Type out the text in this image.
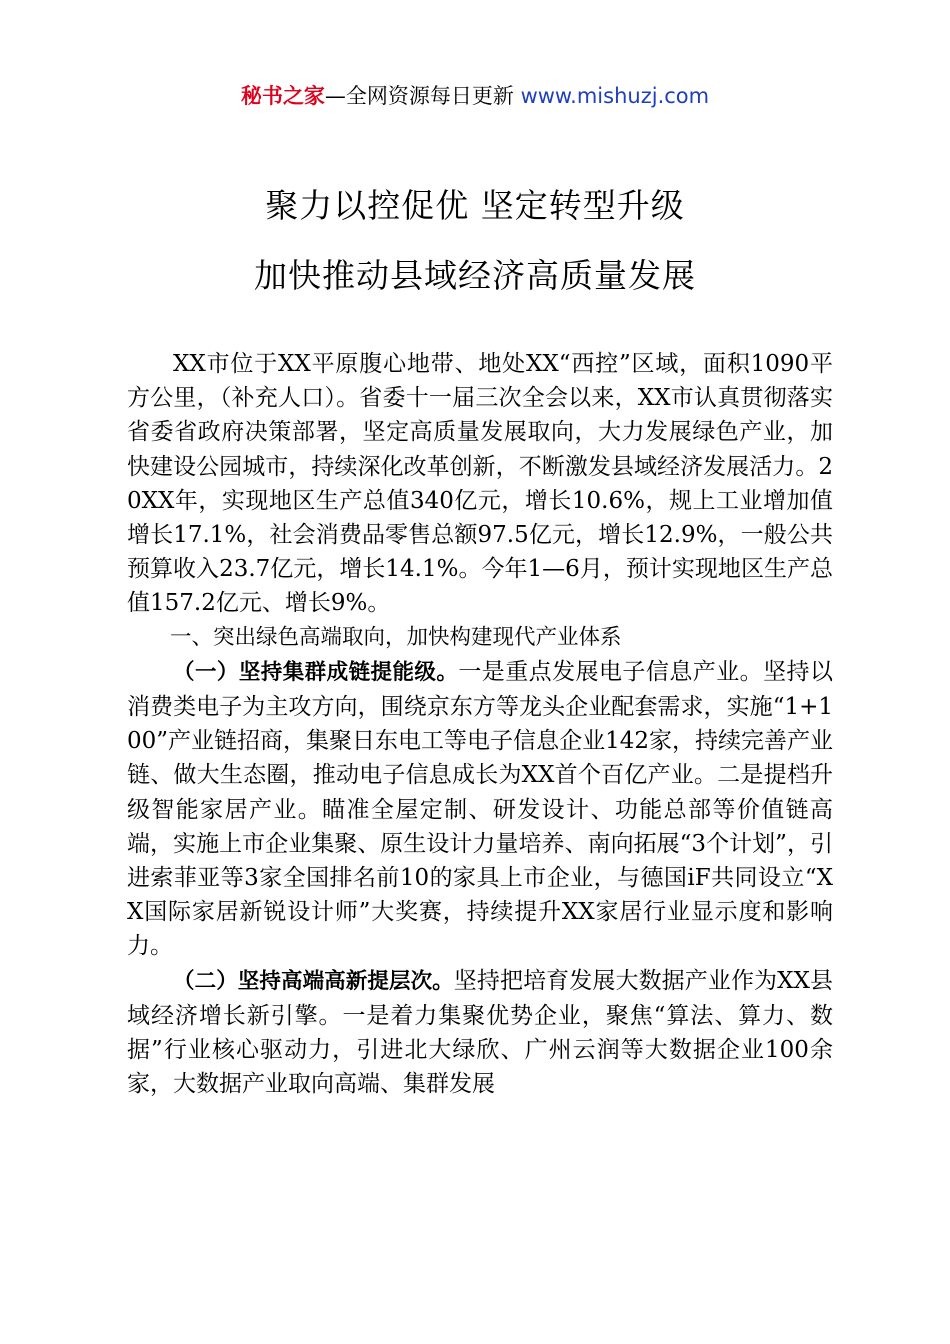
秘书之家—全网资源每日更新 www.mishuzj.com
聚力以控促优 坚定转型升级
加快推动县域经济高质量发展

XX市位于XX平原腹心地带、地处XX“西控”区域，面积1090平方公里，（补充人口）。省委十一届三次全会以来，XX市认真贯彻落实省委省政府决策部署，坚定高质量发展取向，大力发展绿色产业，加快建设公园城市，持续深化改革创新，不断激发县域经济发展活力。20XX年，实现地区生产总值340亿元，增长10.6%，规上工业增加值增长17.1%，社会消费品零售总额97.5亿元，增长12.9%，一般公共预算收入23.7亿元，增长14.1%。今年1—6月，预计实现地区生产总值157.2亿元、增长9%。

一、突出绿色高端取向，加快构建现代产业体系

（一）坚持集群成链提能级。一是重点发展电子信息产业。坚持以消费类电子为主攻方向，围绕京东方等龙头企业配套需求，实施“1+100”产业链招商，集聚日东电工等电子信息企业142家，持续完善产业链、做大生态圈，推动电子信息成长为XX首个百亿产业。二是提档升级智能家居产业。瞄准全屋定制、研发设计、功能总部等价值链高端，实施上市企业集聚、原生设计力量培养、南向拓展“3个计划”，引进索菲亚等3家全国排名前10的家具上市企业，与德国iF共同设立“XX国际家居新锐设计师”大奖赛，持续提升XX家居行业显示度和影响力。

（二）坚持高端高新提层次。坚持把培育发展大数据产业作为XX县域经济增长新引擎。一是着力集聚优势企业，聚焦“算法、算力、数据”行业核心驱动力，引进北大绿欣、广州云润等大数据企业100余家，大数据产业取向高端、集群发展
